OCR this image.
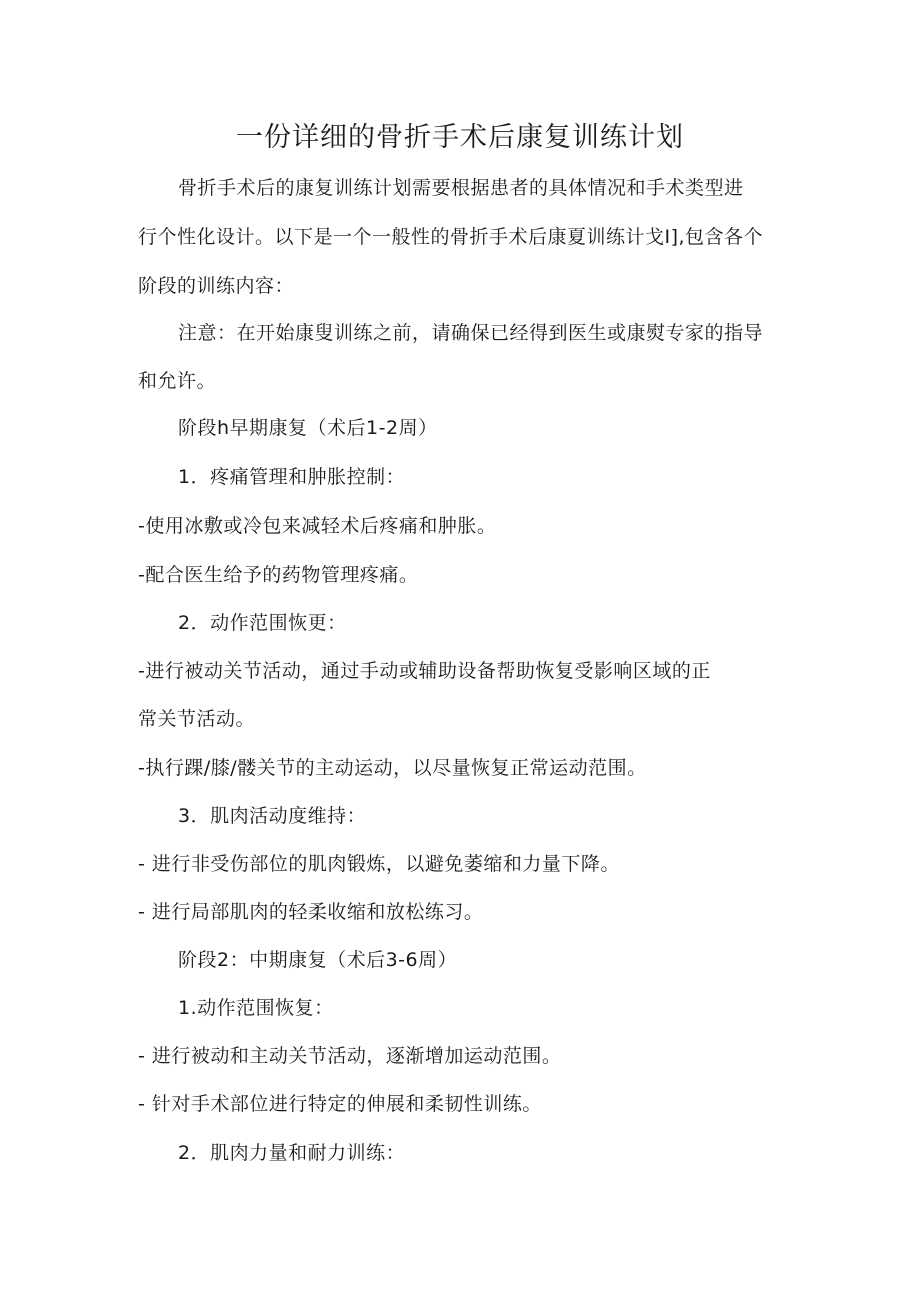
一份详细的骨折手术后康复训练计划
骨折手术后的康复训练计划需要根据患者的具体情况和手术类型进
行个性化设计。以下是一个一般性的骨折手术后康夏训练计戈I],包含各个
阶段的训练内容：
注意：在开始康叟训练之前，请确保已经得到医生或康熨专家的指导
和允许。
阶段h早期康复（术后1-2周）
1．疼痛管理和肿胀控制：
-使用冰敷或冷包来减轻术后疼痛和肿胀。
-配合医生给予的药物管理疼痛。
2．动作范围恢更：
-进行被动关节活动，通过手动或辅助设备帮助恢复受影响区域的正
常关节活动。
-执行踝/膝/髅关节的主动运动，以尽量恢复正常运动范围。
3．肌肉活动度维持：
- 进行非受伤部位的肌肉锻炼，以避免萎缩和力量下降。
- 进行局部肌肉的轻柔收缩和放松练习。
阶段2：中期康复（术后3-6周）
1.动作范围恢复：
- 进行被动和主动关节活动，逐渐增加运动范围。
- 针对手术部位进行特定的伸展和柔韧性训练。
2．肌肉力量和耐力训练：
